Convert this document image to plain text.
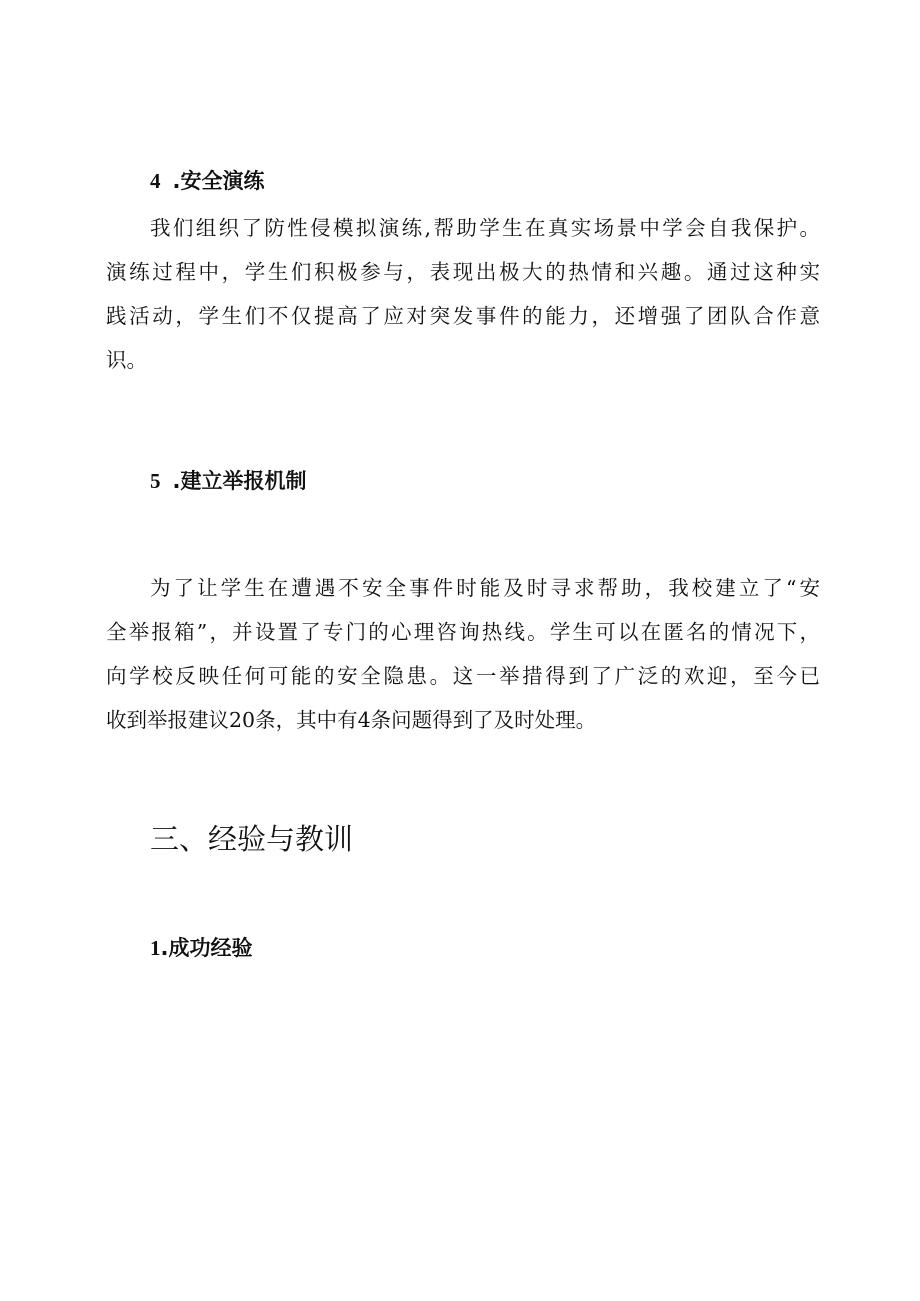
4 .安全演练
我们组织了防性侵模拟演练,帮助学生在真实场景中学会自我保护。
演练过程中，学生们积极参与，表现出极大的热情和兴趣。通过这种实
践活动，学生们不仅提高了应对突发事件的能力，还增强了团队合作意
识。
5 .建立举报机制
为了让学生在遭遇不安全事件时能及时寻求帮助，我校建立了“安
全举报箱”，并设置了专门的心理咨询热线。学生可以在匿名的情况下，
向学校反映任何可能的安全隐患。这一举措得到了广泛的欢迎，至今已
收到举报建议20条，其中有4条问题得到了及时处理。
三、经验与教训
1.成功经验
